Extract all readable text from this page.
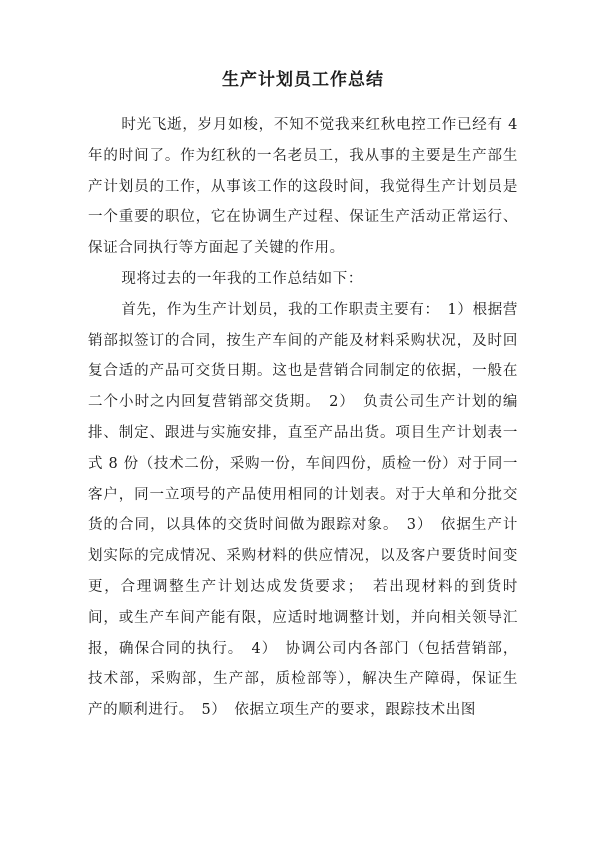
生产计划员工作总结

时光飞逝，岁月如梭，不知不觉我来红秋电控工作已经有 4 年的时间了。作为红秋的一名老员工，我从事的主要是生产部生产计划员的工作，从事该工作的这段时间，我觉得生产计划员是一个重要的职位，它在协调生产过程、保证生产活动正常运行、保证合同执行等方面起了关键的作用。

现将过去的一年我的工作总结如下：

首先，作为生产计划员，我的工作职责主要有：　1）根据营销部拟签订的合同，按生产车间的产能及材料采购状况，及时回复合适的产品可交货日期。这也是营销合同制定的依据，一般在二个小时之内回复营销部交货期。　2）　负责公司生产计划的编排、制定、跟进与实施安排，直至产品出货。项目生产计划表一式 8 份（技术二份，采购一份，车间四份，质检一份）对于同一客户，同一立项号的产品使用相同的计划表。对于大单和分批交货的合同，以具体的交货时间做为跟踪对象。　3）　依据生产计划实际的完成情况、采购材料的供应情况，以及客户要货时间变更，合理调整生产计划达成发货要求；　若出现材料的到货时间，或生产车间产能有限，应适时地调整计划，并向相关领导汇报，确保合同的执行。　4）　协调公司内各部门（包括营销部，技术部，采购部，生产部，质检部等），解决生产障碍，保证生产的顺利进行。　5）　依据立项生产的要求，跟踪技术出图
